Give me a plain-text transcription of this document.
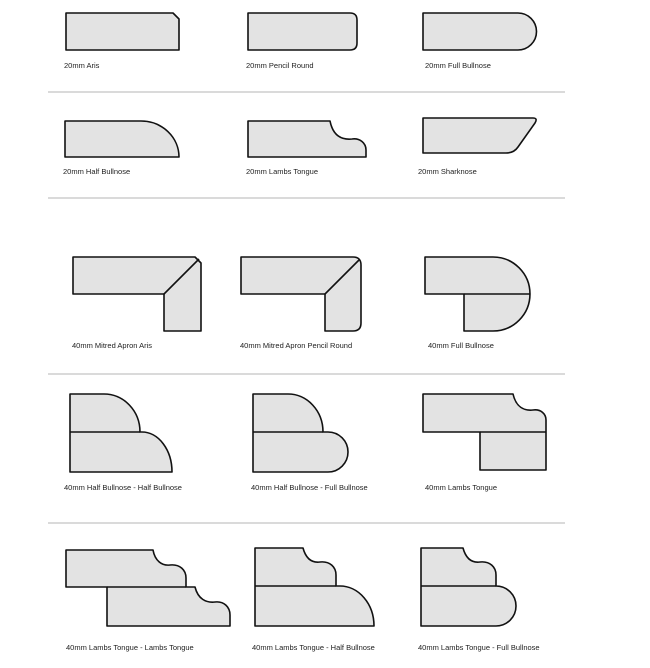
20mm Aris	20mm Pencil Round	20mm Full Bullnose
20mm Half Bullnose	20mm Lambs Tongue	20mm Sharknose
40mm Mitred Apron Aris	40mm Mitred Apron Pencil Round	40mm Full Bullnose
40mm Half Bullnose - Half Bullnose	40mm Half Bullnose - Full Bullnose	40mm Lambs Tongue
40mm Lambs Tongue - Lambs Tongue	40mm Lambs Tongue - Half Bullnose	40mm Lambs Tongue - Full Bullnose
